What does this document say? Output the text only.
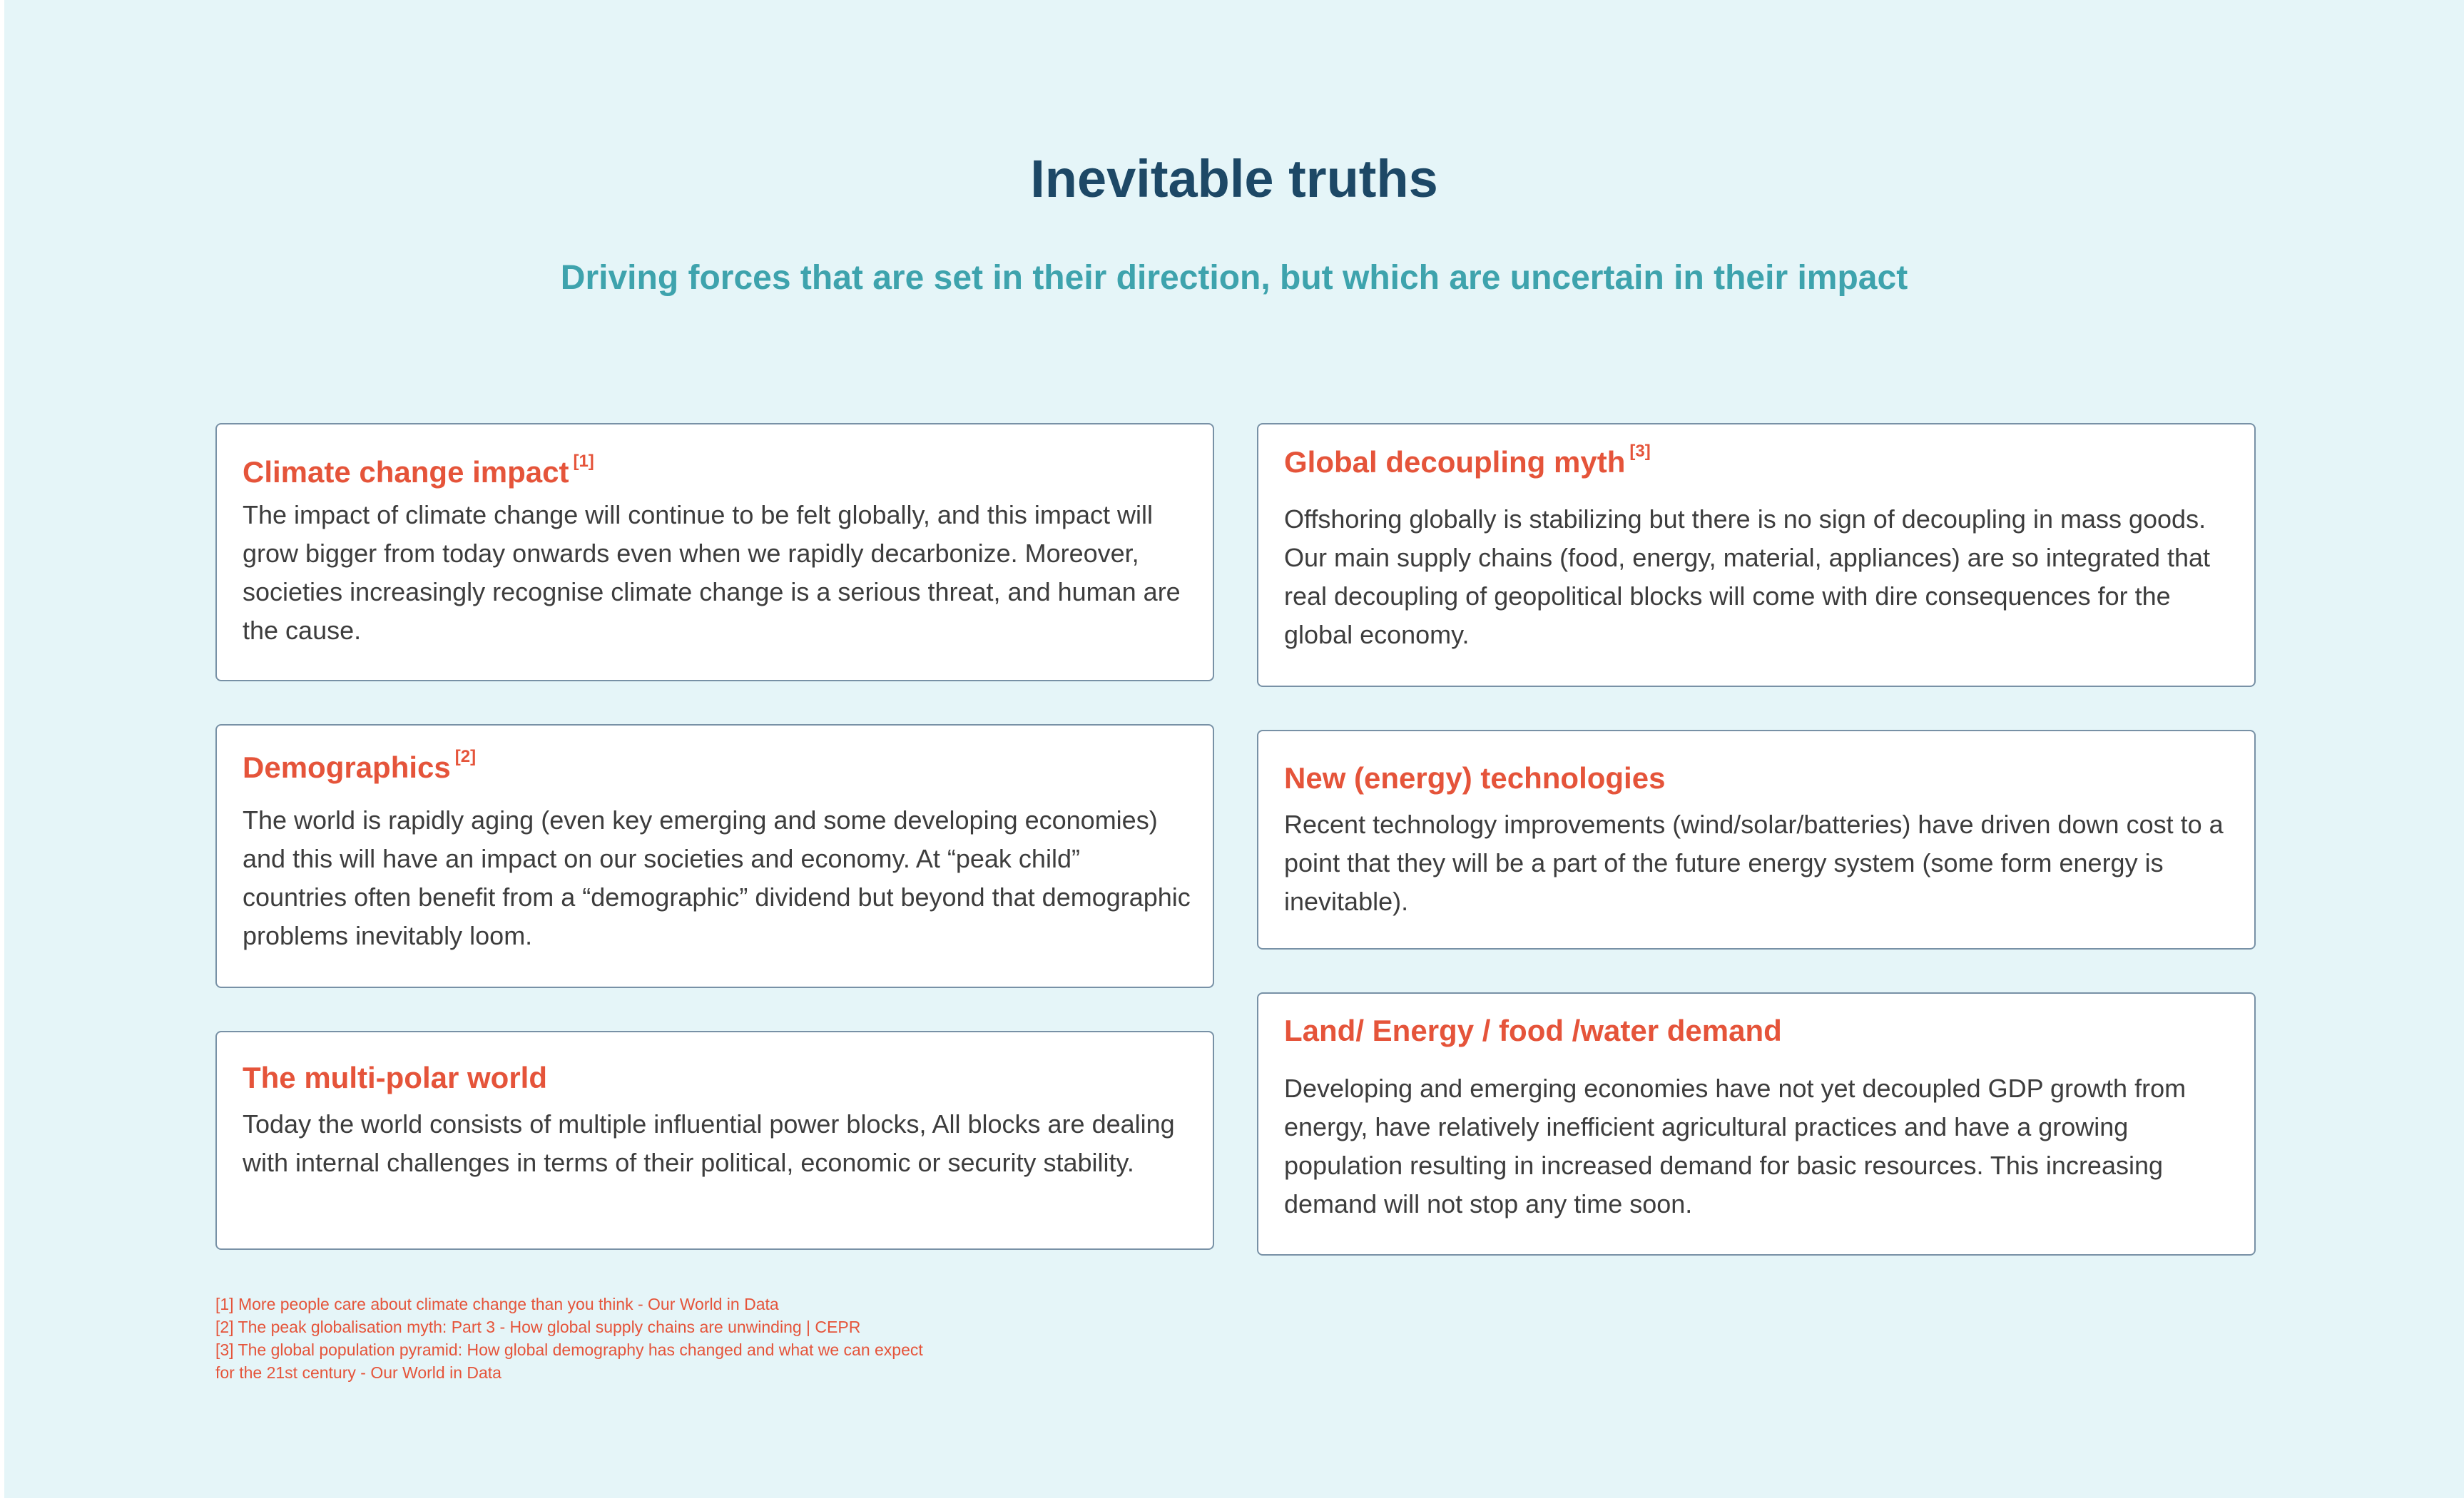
Inevitable truths
Driving forces that are set in their direction, but which are uncertain in their impact
Climate change impact [1]

The impact of climate change will continue to be felt globally, and this impact will grow bigger from today onwards even when we rapidly decarbonize. Moreover, societies increasingly recognise climate change is a serious threat, and human are the cause.

Demographics [2]

The world is rapidly aging (even key emerging and some developing economies) and this will have an impact on our societies and economy. At “peak child” countries often benefit from a “demographic” dividend but beyond that demographic problems inevitably loom.

The multi-polar world

Today the world consists of multiple influential power blocks, All blocks are dealing with internal challenges in terms of their political, economic or security stability.

Global decoupling myth [3]

Offshoring globally is stabilizing but there is no sign of decoupling in mass goods. Our main supply chains (food, energy, material, appliances) are so integrated that real decoupling of geopolitical blocks will come with dire consequences for the global economy.

New (energy) technologies

Recent technology improvements (wind/solar/batteries) have driven down cost to a point that they will be a part of the future energy system (some form energy is inevitable).

Land/ Energy / food /water demand

Developing and emerging economies have not yet decoupled GDP growth from energy, have relatively inefficient agricultural practices and have a growing population resulting in increased demand for basic resources. This increasing demand will not stop any time soon.

[1] More people care about climate change than you think - Our World in Data
[2] The peak globalisation myth: Part 3 - How global supply chains are unwinding | CEPR
[3] The global population pyramid: How global demography has changed and what we can expect for the 21st century - Our World in Data
